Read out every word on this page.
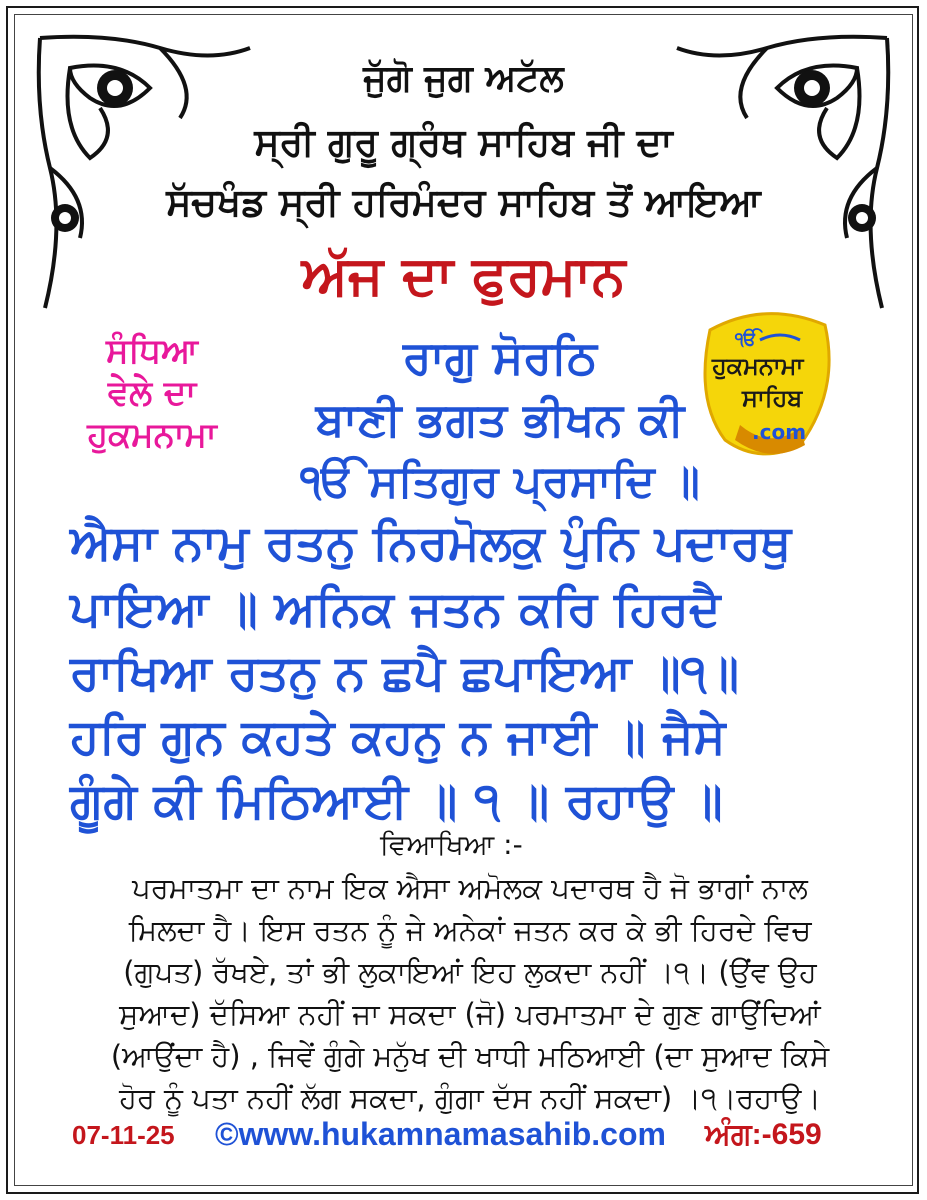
ਜੁੱਗੋ ਜੁਗ ਅਟੱਲ
ਸ੍ਰੀ ਗੁਰੂ ਗ੍ਰੰਥ ਸਾਹਿਬ ਜੀ ਦਾ
ਸੱਚਖੰਡ ਸ੍ਰੀ ਹਰਿਮੰਦਰ ਸਾਹਿਬ ਤੋਂ ਆਇਆ
ਅੱਜ ਦਾ ਫੁਰਮਾਨ
ਸੰਧਿਆ
ਵੇਲੇ ਦਾ
ਹੁਕਮਨਾਮਾ
ਰਾਗੁ ਸੋਰਠਿ
ਬਾਣੀ ਭਗਤ ਭੀਖਨ ਕੀ
ੴ ਸਤਿਗੁਰ ਪ੍ਰਸਾਦਿ ॥
ੴ
ਹੁਕਮਨਾਮਾ
ਸਾਹਿਬ
.com
ਐਸਾ ਨਾਮੁ ਰਤਨੁ ਨਿਰਮੋਲਕੁ ਪੁੰਨਿ ਪਦਾਰਥੁ
ਪਾਇਆ ॥ ਅਨਿਕ ਜਤਨ ਕਰਿ ਹਿਰਦੈ
ਰਾਖਿਆ ਰਤਨੁ ਨ ਛਪੈ ਛਪਾਇਆ ॥੧॥
ਹਰਿ ਗੁਨ ਕਹਤੇ ਕਹਨੁ ਨ ਜਾਈ ॥ ਜੈਸੇ
ਗੂੰਗੇ ਕੀ ਮਿਠਿਆਈ ॥ ੧ ॥ ਰਹਾਉ ॥
ਵਿਆਖਿਆ :-
ਪਰਮਾਤਮਾ ਦਾ ਨਾਮ ਇਕ ਐਸਾ ਅਮੋਲਕ ਪਦਾਰਥ ਹੈ ਜੋ ਭਾਗਾਂ ਨਾਲ
ਮਿਲਦਾ ਹੈ। ਇਸ ਰਤਨ ਨੂੰ ਜੇ ਅਨੇਕਾਂ ਜਤਨ ਕਰ ਕੇ ਭੀ ਹਿਰਦੇ ਵਿਚ
(ਗੁਪਤ) ਰੱਖਏ, ਤਾਂ ਭੀ ਲੁਕਾਇਆਂ ਇਹ ਲੁਕਦਾ ਨਹੀਂ ।੧। (ਉਂਵ ਉਹ
ਸੁਆਦ) ਦੱਸਿਆ ਨਹੀਂ ਜਾ ਸਕਦਾ (ਜੋ) ਪਰਮਾਤਮਾ ਦੇ ਗੁਣ ਗਾਉਂਦਿਆਂ
(ਆਉਂਦਾ ਹੈ) , ਜਿਵੇਂ ਗੁੰਗੇ ਮਨੁੱਖ ਦੀ ਖਾਧੀ ਮਠਿਆਈ (ਦਾ ਸੁਆਦ ਕਿਸੇ
ਹੋਰ ਨੂੰ ਪਤਾ ਨਹੀਂ ਲੱਗ ਸਕਦਾ, ਗੁੰਗਾ ਦੱਸ ਨਹੀਂ ਸਕਦਾ) ।੧।ਰਹਾਉ।
07-11-25 ©www.hukamnamasahib.com ਅੰਗ:-659
